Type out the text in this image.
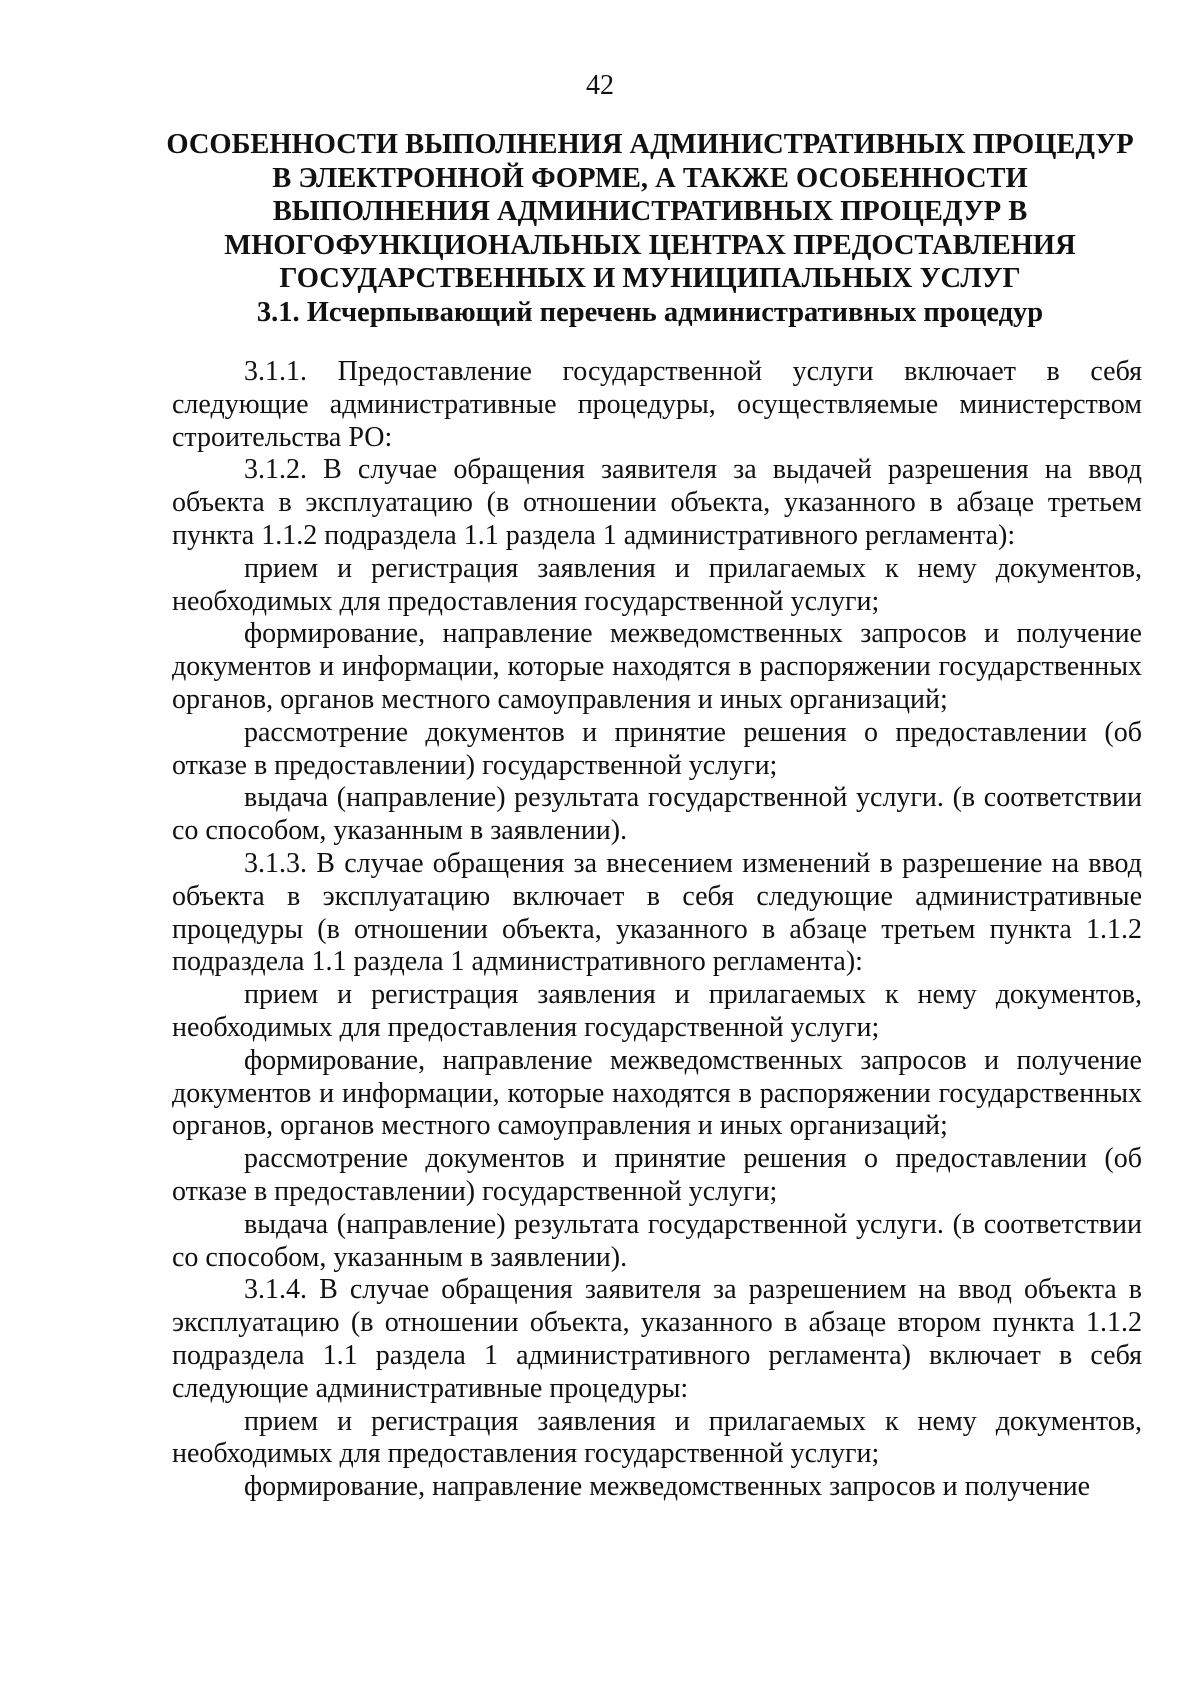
42
ОСОБЕННОСТИ ВЫПОЛНЕНИЯ АДМИНИСТРАТИВНЫХ ПРОЦЕДУР
В ЭЛЕКТРОННОЙ ФОРМЕ, А ТАКЖЕ ОСОБЕННОСТИ
ВЫПОЛНЕНИЯ АДМИНИСТРАТИВНЫХ ПРОЦЕДУР В
МНОГОФУНКЦИОНАЛЬНЫХ ЦЕНТРАХ ПРЕДОСТАВЛЕНИЯ
ГОСУДАРСТВЕННЫХ И МУНИЦИПАЛЬНЫХ УСЛУГ
3.1. Исчерпывающий перечень административных процедур

3.1.1. Предоставление государственной услуги включает в себя следующие административные процедуры, осуществляемые министерством строительства РО:

3.1.2. В случае обращения заявителя за выдачей разрешения на ввод объекта в эксплуатацию (в отношении объекта, указанного в абзаце третьем пункта 1.1.2 подраздела 1.1 раздела 1 административного регламента):

прием и регистрация заявления и прилагаемых к нему документов, необходимых для предоставления государственной услуги;

формирование, направление межведомственных запросов и получение документов и информации, которые находятся в распоряжении государственных органов, органов местного самоуправления и иных организаций;

рассмотрение документов и принятие решения о предоставлении (об отказе в предоставлении) государственной услуги;

выдача (направление) результата государственной услуги. (в соответствии со способом, указанным в заявлении).

3.1.3. В случае обращения за внесением изменений в разрешение на ввод объекта в эксплуатацию включает в себя следующие административные процедуры (в отношении объекта, указанного в абзаце третьем пункта 1.1.2 подраздела 1.1 раздела 1 административного регламента):

прием и регистрация заявления и прилагаемых к нему документов, необходимых для предоставления государственной услуги;

формирование, направление межведомственных запросов и получение документов и информации, которые находятся в распоряжении государственных органов, органов местного самоуправления и иных организаций;

рассмотрение документов и принятие решения о предоставлении (об отказе в предоставлении) государственной услуги;

выдача (направление) результата государственной услуги. (в соответствии со способом, указанным в заявлении).

3.1.4. В случае обращения заявителя за разрешением на ввод объекта в эксплуатацию (в отношении объекта, указанного в абзаце втором пункта 1.1.2 подраздела 1.1 раздела 1 административного регламента) включает в себя следующие административные процедуры:

прием и регистрация заявления и прилагаемых к нему документов, необходимых для предоставления государственной услуги;

формирование, направление межведомственных запросов и получение
